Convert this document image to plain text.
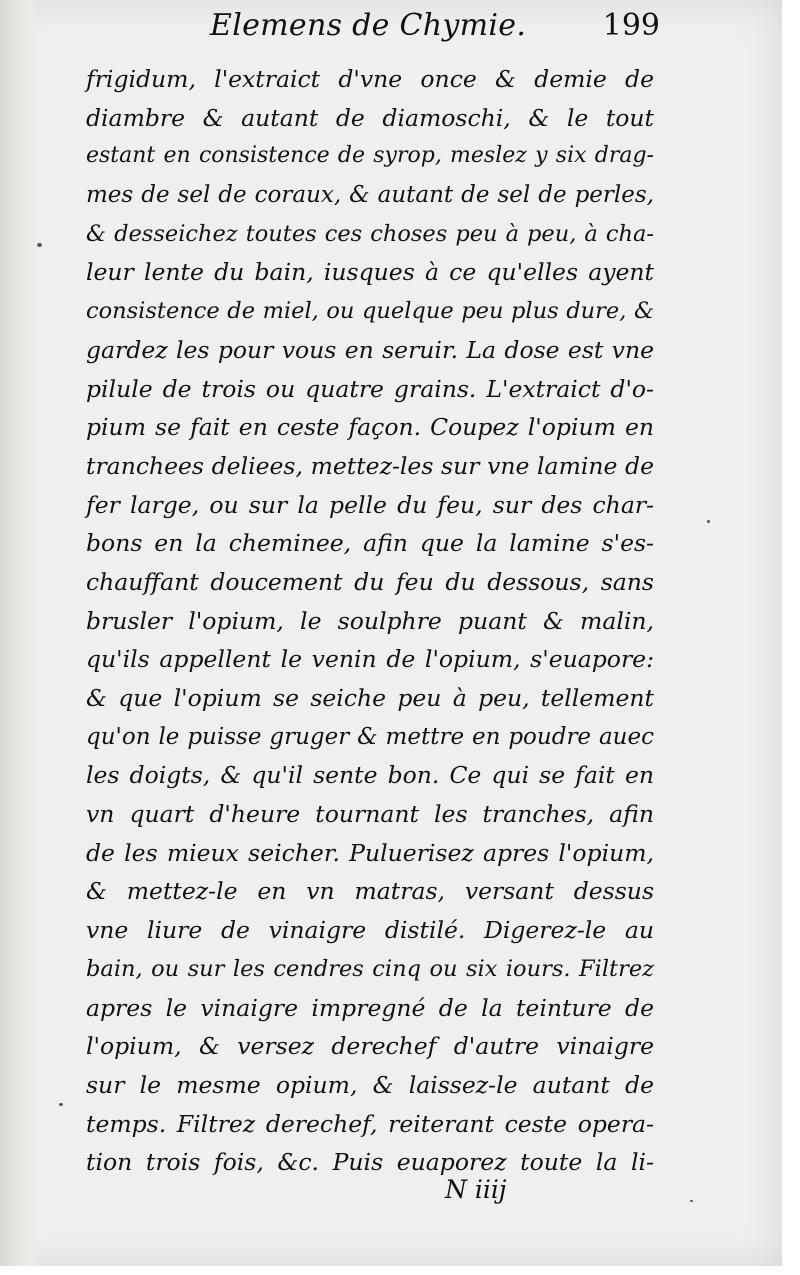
Elemens de Chymie.	199
frigidum, l'extraict d'vne once & demie de
diambre & autant de diamoschi, & le tout
estant en consistence de syrop, meslez y six drag-
mes de sel de coraux, & autant de sel de perles,
& desseichez toutes ces choses peu à peu, à cha-
leur lente du bain, iusques à ce qu'elles ayent
consistence de miel, ou quelque peu plus dure, &
gardez les pour vous en seruir. La dose est vne
pilule de trois ou quatre grains. L'extraict d'o-
pium se fait en ceste façon. Coupez l'opium en
tranchees deliees, mettez-les sur vne lamine de
fer large, ou sur la pelle du feu, sur des char-
bons en la cheminee, afin que la lamine s'es-
chauffant doucement du feu du dessous, sans
brusler l'opium, le soulphre puant & malin,
qu'ils appellent le venin de l'opium, s'euapore:
& que l'opium se seiche peu à peu, tellement
qu'on le puisse gruger & mettre en poudre auec
les doigts, & qu'il sente bon. Ce qui se fait en
vn quart d'heure tournant les tranches, afin
de les mieux seicher. Puluerisez apres l'opium,
& mettez-le en vn matras, versant dessus
vne liure de vinaigre distilé. Digerez-le au
bain, ou sur les cendres cinq ou six iours. Filtrez
apres le vinaigre impregné de la teinture de
l'opium, & versez derechef d'autre vinaigre
sur le mesme opium, & laissez-le autant de
temps. Filtrez derechef, reiterant ceste opera-
tion trois fois, &c. Puis euaporez toute la li-
N iiij
